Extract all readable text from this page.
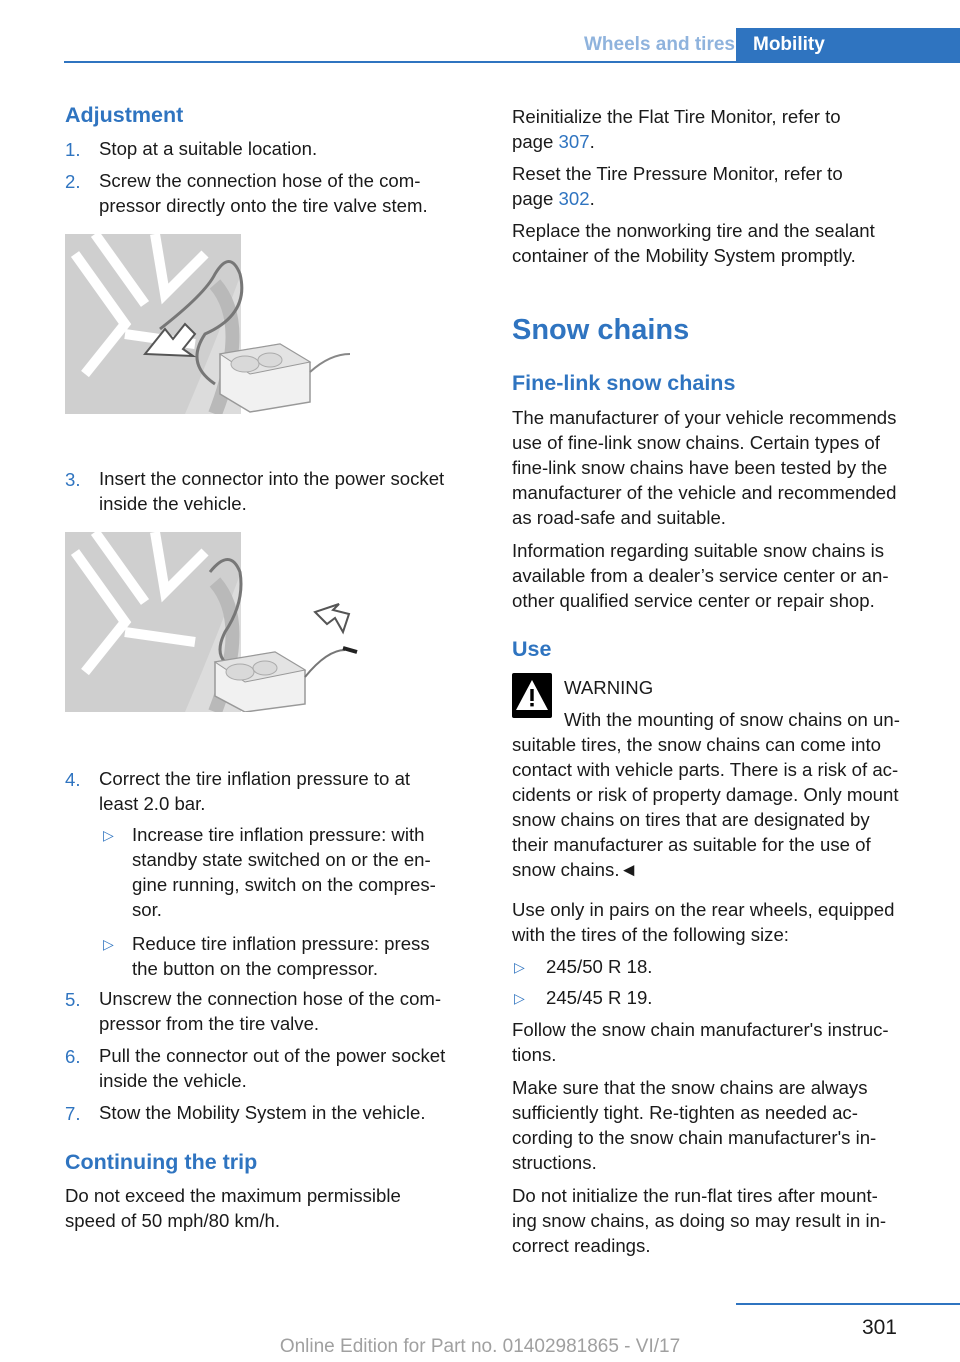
Wheels and tires Mobility
Adjustment
1. Stop at a suitable location.
2. Screw the connection hose of the com-
pressor directly onto the tire valve stem.
3. Insert the connector into the power socket
inside the vehicle.
4. Correct the tire inflation pressure to at
least 2.0 bar.
▷ Increase tire inflation pressure: with
standby state switched on or the en-
gine running, switch on the compres-
sor.
▷ Reduce tire inflation pressure: press
the button on the compressor.
5. Unscrew the connection hose of the com-
pressor from the tire valve.
6. Pull the connector out of the power socket
inside the vehicle.
7. Stow the Mobility System in the vehicle.
Continuing the trip
Do not exceed the maximum permissible
speed of 50 mph/80 km/h.
Reinitialize the Flat Tire Monitor, refer to
page 307.
Reset the Tire Pressure Monitor, refer to
page 302.
Replace the nonworking tire and the sealant
container of the Mobility System promptly.
Snow chains
Fine-link snow chains
The manufacturer of your vehicle recommends
use of fine-link snow chains. Certain types of
fine-link snow chains have been tested by the
manufacturer of the vehicle and recommended
as road-safe and suitable.
Information regarding suitable snow chains is
available from a dealer’s service center or an-
other qualified service center or repair shop.
Use
WARNING
With the mounting of snow chains on un-
suitable tires, the snow chains can come into
contact with vehicle parts. There is a risk of ac-
cidents or risk of property damage. Only mount
snow chains on tires that are designated by
their manufacturer as suitable for the use of
snow chains.◄
Use only in pairs on the rear wheels, equipped
with the tires of the following size:
▷ 245/50 R 18.
▷ 245/45 R 19.
Follow the snow chain manufacturer's instruc-
tions.
Make sure that the snow chains are always
sufficiently tight. Re-tighten as needed ac-
cording to the snow chain manufacturer's in-
structions.
Do not initialize the run-flat tires after mount-
ing snow chains, as doing so may result in in-
correct readings.
301
Online Edition for Part no. 01402981865 - VI/17
